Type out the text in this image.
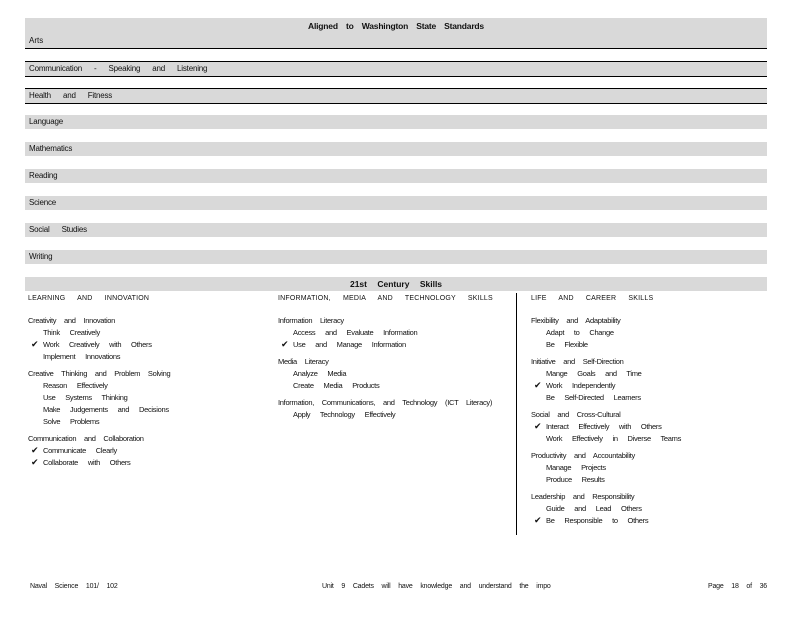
Aligned to Washington State Standards
Arts
Communication - Speaking and Listening
Health and Fitness
Language
Mathematics
Reading
Science
Social Studies
Writing
21st Century Skills
LEARNING AND INNOVATION
Creativity and Innovation
Think Creatively
✔ Work Creatively with Others
Implement Innovations
Creative Thinking and Problem Solving
Reason Effectively
Use Systems Thinking
Make Judgements and Decisions
Solve Problems
Communication and Collaboration
✔ Communicate Clearly
✔ Collaborate with Others
INFORMATION, MEDIA AND TECHNOLOGY SKILLS
Information Literacy
Access and Evaluate Information
✔ Use and Manage Information
Media Literacy
Analyze Media
Create Media Products
Information, Communications, and Technology (ICT Literacy)
Apply Technology Effectively
LIFE AND CAREER SKILLS
Flexibility and Adaptability
Adapt to Change
Be Flexible
Initiative and Self-Direction
Mange Goals and Time
✔ Work Independently
Be Self-Directed Learners
Social and Cross-Cultural
✔ Interact Effectively with Others
Work Effectively in Diverse Teams
Productivity and Accountability
Manage Projects
Produce Results
Leadership and Responsibility
Guide and Lead Others
✔ Be Responsible to Others
Naval Science 101/ 102	Unit 9 Cadets will have knowledge and understand the impo	Page 18 of 36
